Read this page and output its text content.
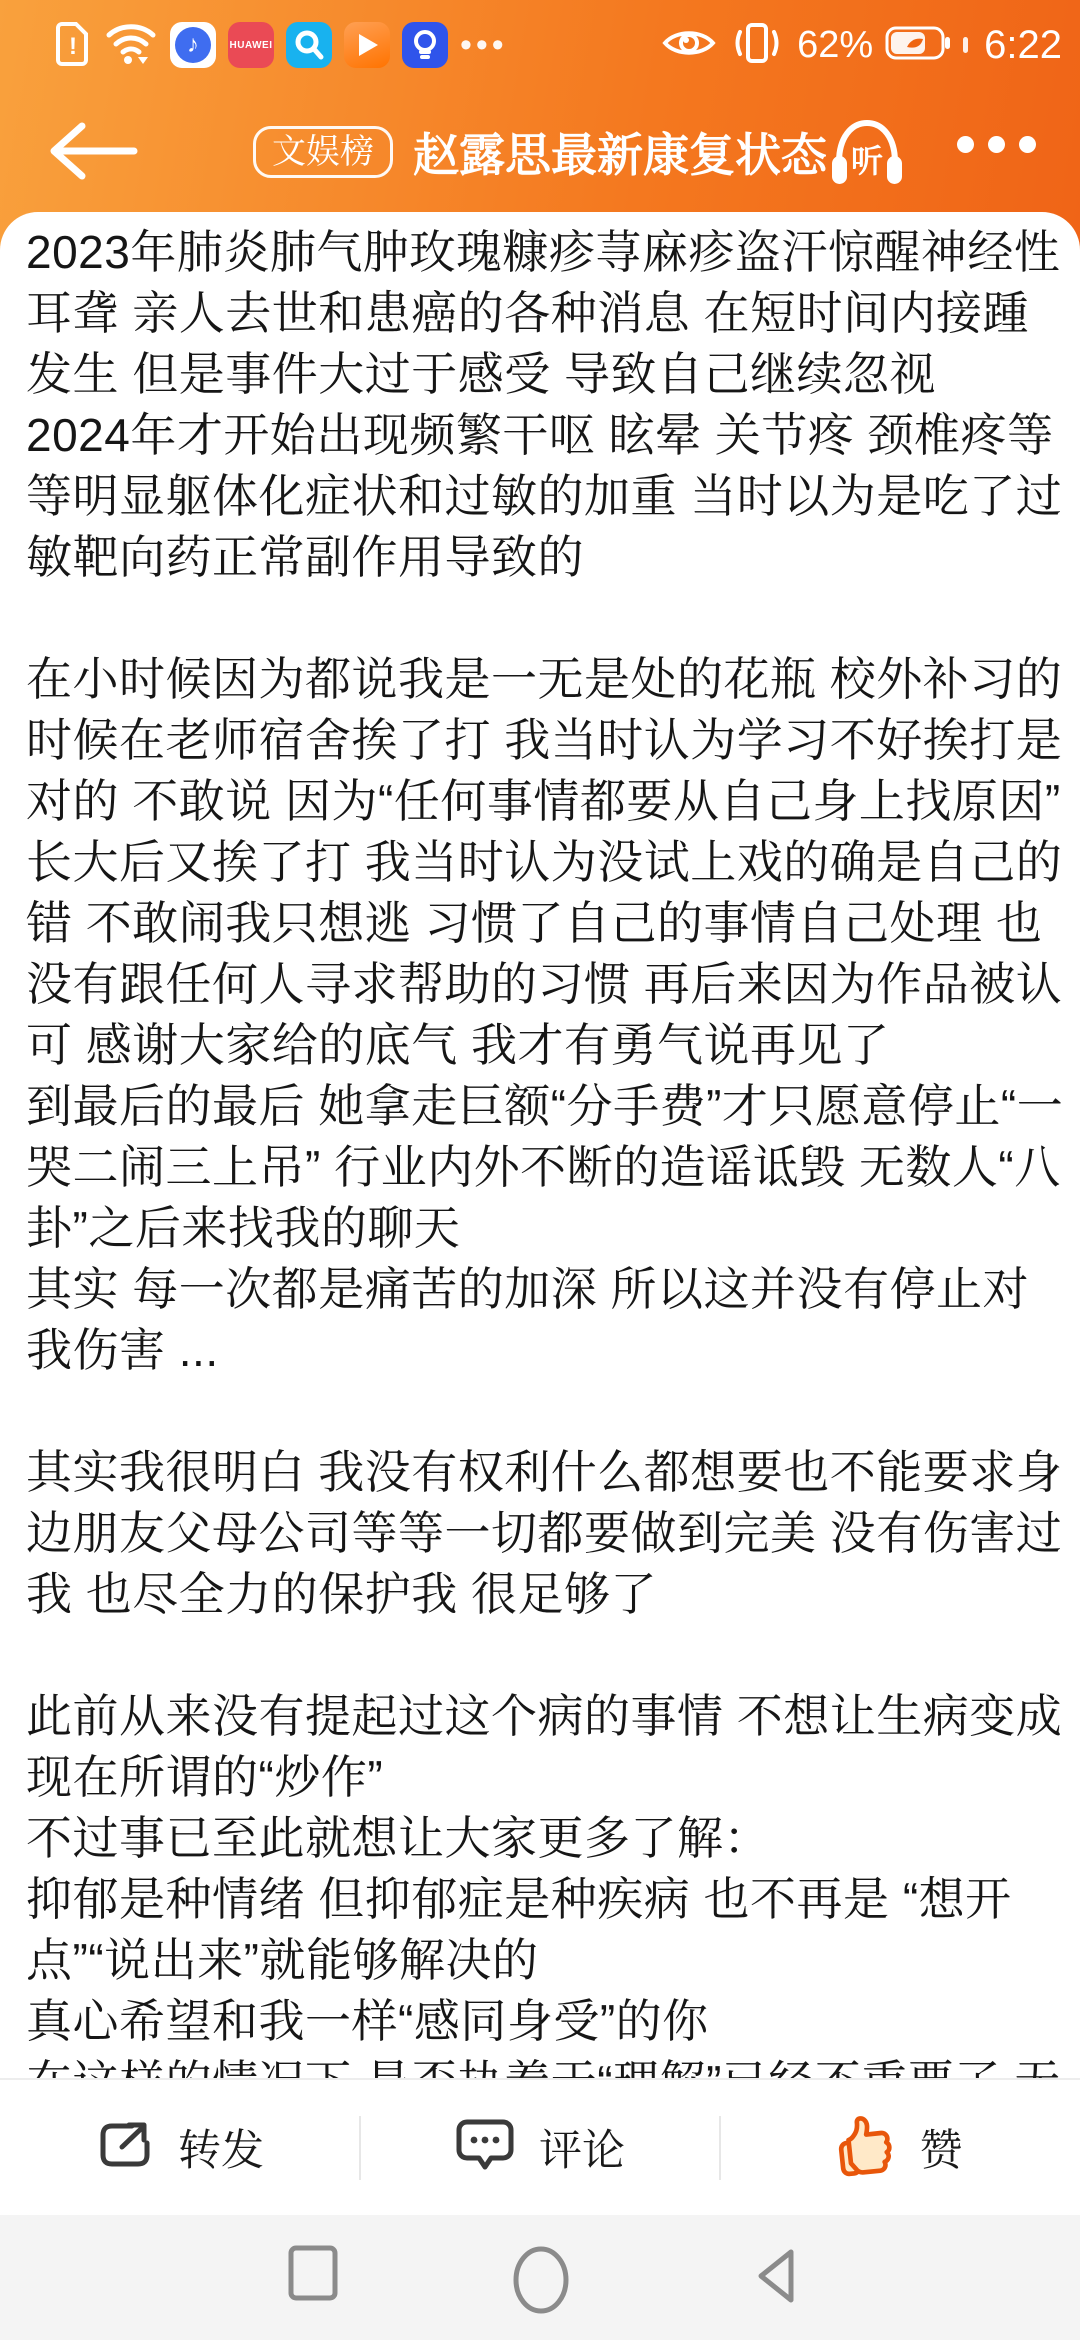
!	♪	HUAWEI	•••	62%	6:22
文娱榜 赵露思最新康复状态 听
2023年肺炎肺气肿玫瑰糠疹荨麻疹盗汗惊醒神经性
耳聋 亲人去世和患癌的各种消息 在短时间内接踵
发生 但是事件大过于感受 导致自己继续忽视
2024年才开始出现频繁干呕 眩晕 关节疼 颈椎疼等
等明显躯体化症状和过敏的加重 当时以为是吃了过
敏靶向药正常副作用导致的
在小时候因为都说我是一无是处的花瓶 校外补习的
时候在老师宿舍挨了打 我当时认为学习不好挨打是
对的 不敢说 因为“任何事情都要从自己身上找原因”
长大后又挨了打 我当时认为没试上戏的确是自己的
错 不敢闹我只想逃 习惯了自己的事情自己处理 也
没有跟任何人寻求帮助的习惯 再后来因为作品被认
可 感谢大家给的底气 我才有勇气说再见了
到最后的最后 她拿走巨额“分手费”才只愿意停止“一
哭二闹三上吊” 行业内外不断的造谣诋毁 无数人“八
卦”之后来找我的聊天
其实 每一次都是痛苦的加深 所以这并没有停止对
我伤害 ...
其实我很明白 我没有权利什么都想要也不能要求身
边朋友父母公司等等一切都要做到完美 没有伤害过
我 也尽全力的保护我 很足够了
此前从来没有提起过这个病的事情 不想让生病变成
现在所谓的“炒作”
不过事已至此就想让大家更多了解：
抑郁是种情绪 但抑郁症是种疾病 也不再是 “想开
点”“说出来”就能够解决的
真心希望和我一样“感同身受”的你
转发	评论	赞
